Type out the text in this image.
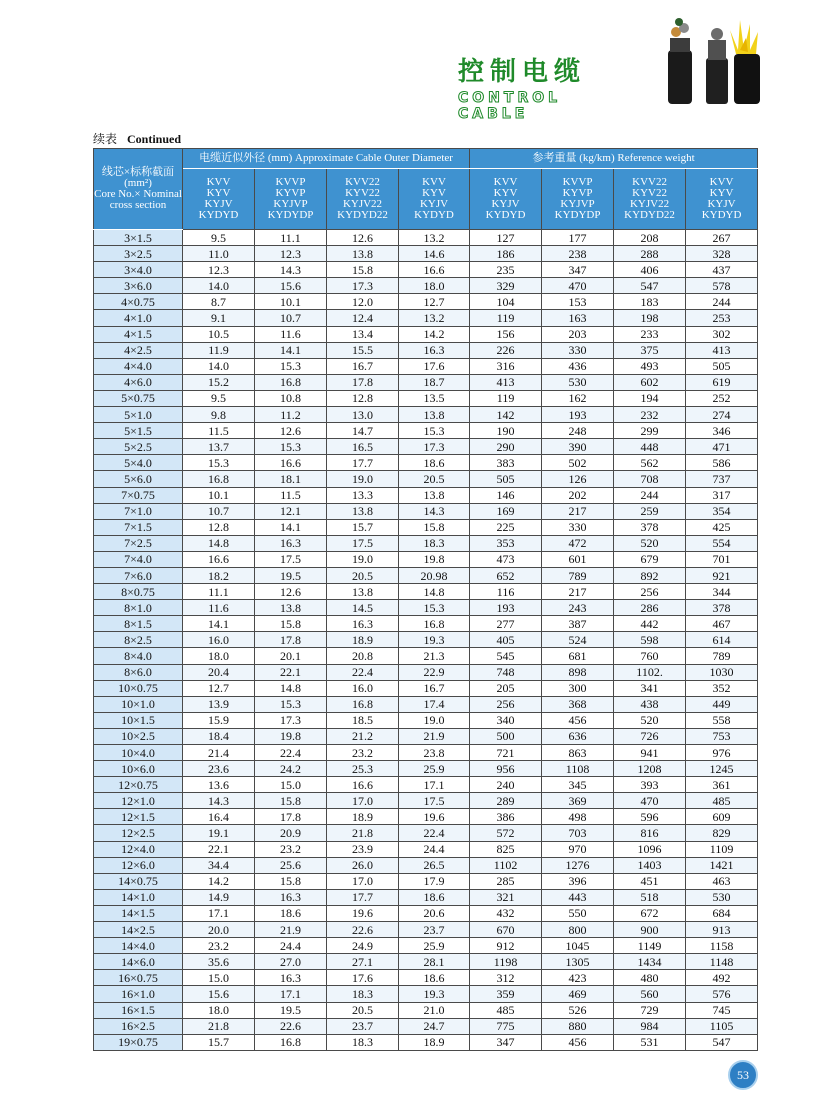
控制电缆
CONTROL CABLE
续表 Continued
线芯×标称截面
(mm²)
Core No.× Nominal
cross section	电缆近似外径 (mm) Approximate Cable Outer Diameter				参考重量 (kg/km) Reference weight			

	KVV
KYV
KYJV
KYDYD	KVVP
KYVP
KYJVP
KYDYDP	KVV22
KYV22
KYJV22
KYDYD22	KVV
KYV
KYJV
KYDYD	KVV
KYV
KYJV
KYDYD	KVVP
KYVP
KYJVP
KYDYDP	KVV22
KYV22
KYJV22
KYDYD22	KVV
KYV
KYJV
KYDYD

3×1.5	9.5	11.1	12.6	13.2	127	177	208	267
3×2.5	11.0	12.3	13.8	14.6	186	238	288	328
3×4.0	12.3	14.3	15.8	16.6	235	347	406	437
3×6.0	14.0	15.6	17.3	18.0	329	470	547	578
4×0.75	8.7	10.1	12.0	12.7	104	153	183	244
4×1.0	9.1	10.7	12.4	13.2	119	163	198	253
4×1.5	10.5	11.6	13.4	14.2	156	203	233	302
4×2.5	11.9	14.1	15.5	16.3	226	330	375	413
4×4.0	14.0	15.3	16.7	17.6	316	436	493	505
4×6.0	15.2	16.8	17.8	18.7	413	530	602	619
5×0.75	9.5	10.8	12.8	13.5	119	162	194	252
5×1.0	9.8	11.2	13.0	13.8	142	193	232	274
5×1.5	11.5	12.6	14.7	15.3	190	248	299	346
5×2.5	13.7	15.3	16.5	17.3	290	390	448	471
5×4.0	15.3	16.6	17.7	18.6	383	502	562	586
5×6.0	16.8	18.1	19.0	20.5	505	126	708	737
7×0.75	10.1	11.5	13.3	13.8	146	202	244	317
7×1.0	10.7	12.1	13.8	14.3	169	217	259	354
7×1.5	12.8	14.1	15.7	15.8	225	330	378	425
7×2.5	14.8	16.3	17.5	18.3	353	472	520	554
7×4.0	16.6	17.5	19.0	19.8	473	601	679	701
7×6.0	18.2	19.5	20.5	20.98	652	789	892	921
8×0.75	11.1	12.6	13.8	14.8	116	217	256	344
8×1.0	11.6	13.8	14.5	15.3	193	243	286	378
8×1.5	14.1	15.8	16.3	16.8	277	387	442	467
8×2.5	16.0	17.8	18.9	19.3	405	524	598	614
8×4.0	18.0	20.1	20.8	21.3	545	681	760	789
8×6.0	20.4	22.1	22.4	22.9	748	898	1102.	1030
10×0.75	12.7	14.8	16.0	16.7	205	300	341	352
10×1.0	13.9	15.3	16.8	17.4	256	368	438	449
10×1.5	15.9	17.3	18.5	19.0	340	456	520	558
10×2.5	18.4	19.8	21.2	21.9	500	636	726	753
10×4.0	21.4	22.4	23.2	23.8	721	863	941	976
10×6.0	23.6	24.2	25.3	25.9	956	1108	1208	1245
12×0.75	13.6	15.0	16.6	17.1	240	345	393	361
12×1.0	14.3	15.8	17.0	17.5	289	369	470	485
12×1.5	16.4	17.8	18.9	19.6	386	498	596	609
12×2.5	19.1	20.9	21.8	22.4	572	703	816	829
12×4.0	22.1	23.2	23.9	24.4	825	970	1096	1109
12×6.0	34.4	25.6	26.0	26.5	1102	1276	1403	1421
14×0.75	14.2	15.8	17.0	17.9	285	396	451	463
14×1.0	14.9	16.3	17.7	18.6	321	443	518	530
14×1.5	17.1	18.6	19.6	20.6	432	550	672	684
14×2.5	20.0	21.9	22.6	23.7	670	800	900	913
14×4.0	23.2	24.4	24.9	25.9	912	1045	1149	1158
14×6.0	35.6	27.0	27.1	28.1	1198	1305	1434	1148
16×0.75	15.0	16.3	17.6	18.6	312	423	480	492
16×1.0	15.6	17.1	18.3	19.3	359	469	560	576
16×1.5	18.0	19.5	20.5	21.0	485	526	729	745
16×2.5	21.8	22.6	23.7	24.7	775	880	984	1105
19×0.75	15.7	16.8	18.3	18.9	347	456	531	547
53
